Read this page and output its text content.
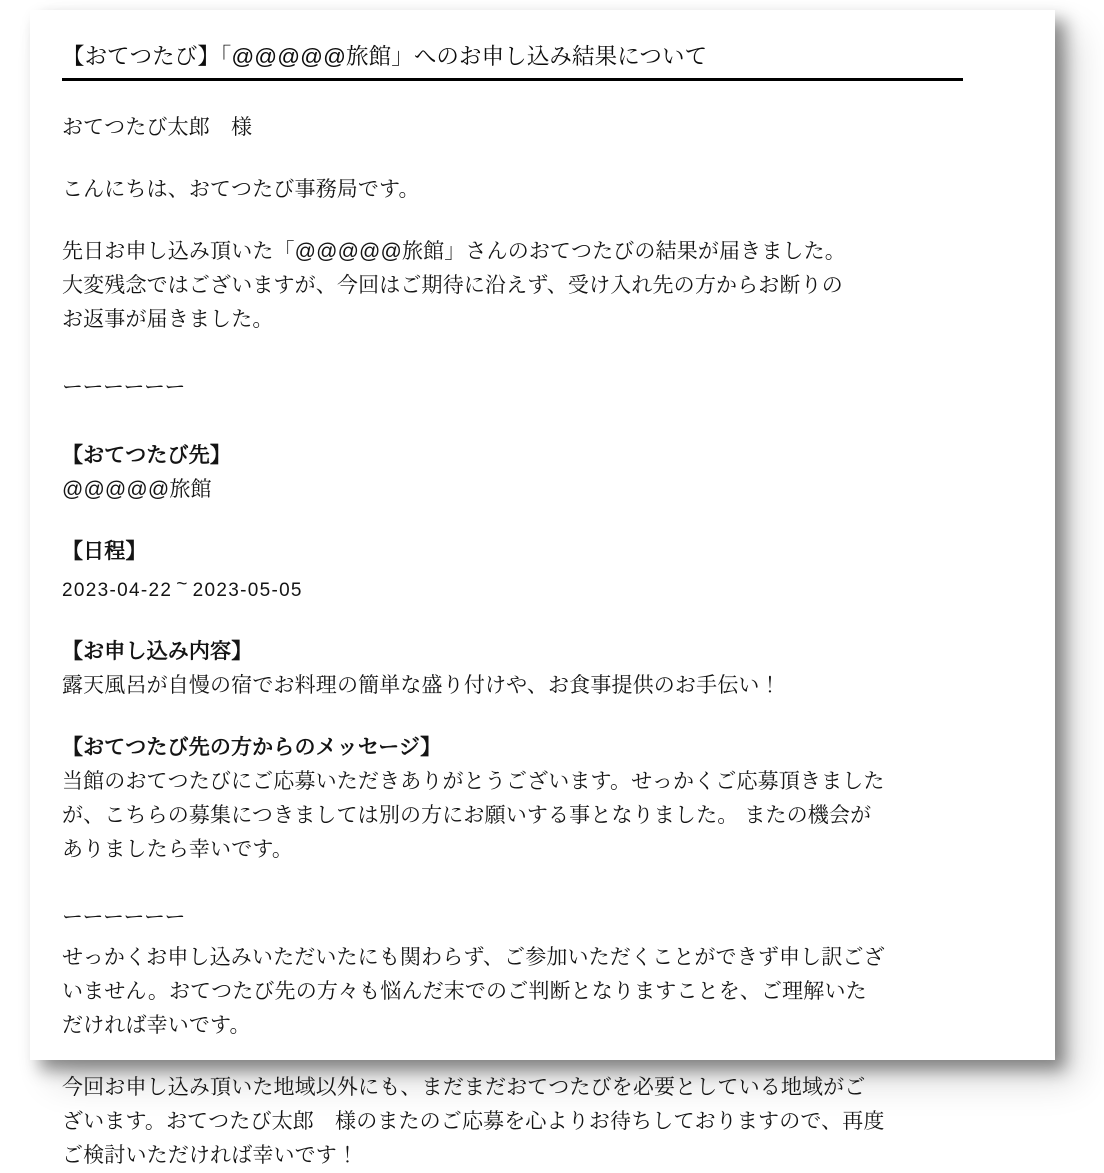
【おてつたび】「@@@@@旅館」へのお申し込み結果について
おてつたび太郎　様
こんにちは、おてつたび事務局です。
先日お申し込み頂いた「@@@@@旅館」さんのおてつたびの結果が届きました。
大変残念ではございますが、今回はご期待に沿えず、受け入れ先の方からお断りの
お返事が届きました。
ーーーーーー
【おてつたび先】
@@@@@旅館
【日程】
2023-04-22 ~ 2023-05-05
【お申し込み内容】
露天風呂が自慢の宿でお料理の簡単な盛り付けや、お食事提供のお手伝い！
【おてつたび先の方からのメッセージ】
当館のおてつたびにご応募いただきありがとうございます。せっかくご応募頂きました
が、こちらの募集につきましては別の方にお願いする事となりました。 またの機会が
ありましたら幸いです。
ーーーーーー
せっかくお申し込みいただいたにも関わらず、ご参加いただくことができず申し訳ござ
いません。おてつたび先の方々も悩んだ末でのご判断となりますことを、ご理解いた
だければ幸いです。
今回お申し込み頂いた地域以外にも、まだまだおてつたびを必要としている地域がご
ざいます。おてつたび太郎　様のまたのご応募を心よりお待ちしておりますので、再度
ご検討いただければ幸いです！
